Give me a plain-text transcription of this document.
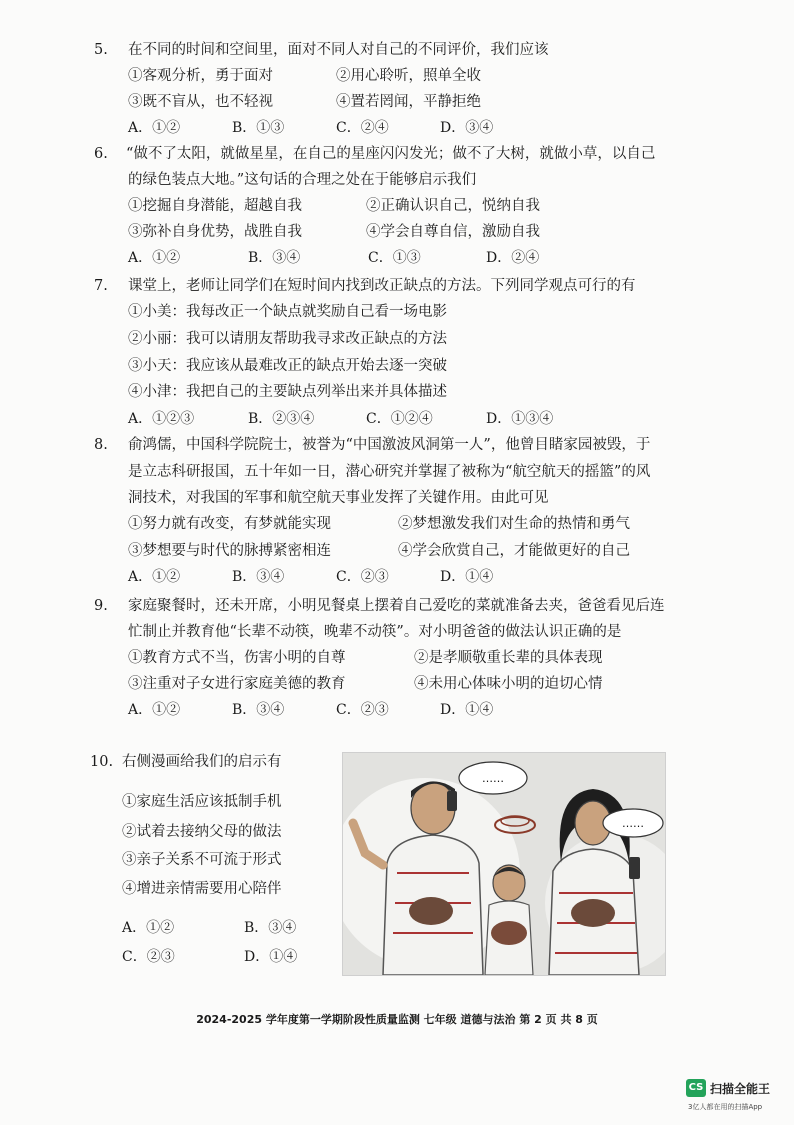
5. 在不同的时间和空间里，面对不同人对自己的不同评价，我们应该
①客观分析，勇于面对	②用心聆听，照单全收
③既不盲从，也不轻视	④置若罔闻，平静拒绝
A．①②	B．①③	C．②④	D．③④
6. “做不了太阳，就做星星，在自己的星座闪闪发光；做不了大树，就做小草，以自己
的绿色装点大地。”这句话的合理之处在于能够启示我们
①挖掘自身潜能，超越自我	②正确认识自己，悦纳自我
③弥补自身优势，战胜自我	④学会自尊自信，激励自我
A．①②	B．③④	C．①③	D．②④
7. 课堂上，老师让同学们在短时间内找到改正缺点的方法。下列同学观点可行的有
①小美：我每改正一个缺点就奖励自己看一场电影
②小丽：我可以请朋友帮助我寻求改正缺点的方法
③小天：我应该从最难改正的缺点开始去逐一突破
④小津：我把自己的主要缺点列举出来并具体描述
A．①②③	B．②③④	C．①②④	D．①③④
8. 俞鸿儒，中国科学院院士，被誉为“中国激波风洞第一人”，他曾目睹家园被毁，于
是立志科研报国，五十年如一日，潜心研究并掌握了被称为“航空航天的摇篮”的风
洞技术，对我国的军事和航空航天事业发挥了关键作用。由此可见
①努力就有改变，有梦就能实现	②梦想激发我们对生命的热情和勇气
③梦想要与时代的脉搏紧密相连	④学会欣赏自己，才能做更好的自己
A．①②	B．③④	C．②③	D．①④
9. 家庭聚餐时，还未开席，小明见餐桌上摆着自己爱吃的菜就准备去夹，爸爸看见后连
忙制止并教育他“长辈不动筷，晚辈不动筷”。对小明爸爸的做法认识正确的是
①教育方式不当，伤害小明的自尊	②是孝顺敬重长辈的具体表现
③注重对子女进行家庭美德的教育	④未用心体味小明的迫切心情
A．①②	B．③④	C．②③	D．①④
10. 右侧漫画给我们的启示有
①家庭生活应该抵制手机
②试着去接纳父母的做法
③亲子关系不可流于形式
④增进亲情需要用心陪伴
A．①②	B．③④
C．②③	D．①④
……
……
2024-2025 学年度第一学期阶段性质量监测 七年级 道德与法治 第 2 页 共 8 页
CS 扫描全能王
3亿人都在用的扫描App
